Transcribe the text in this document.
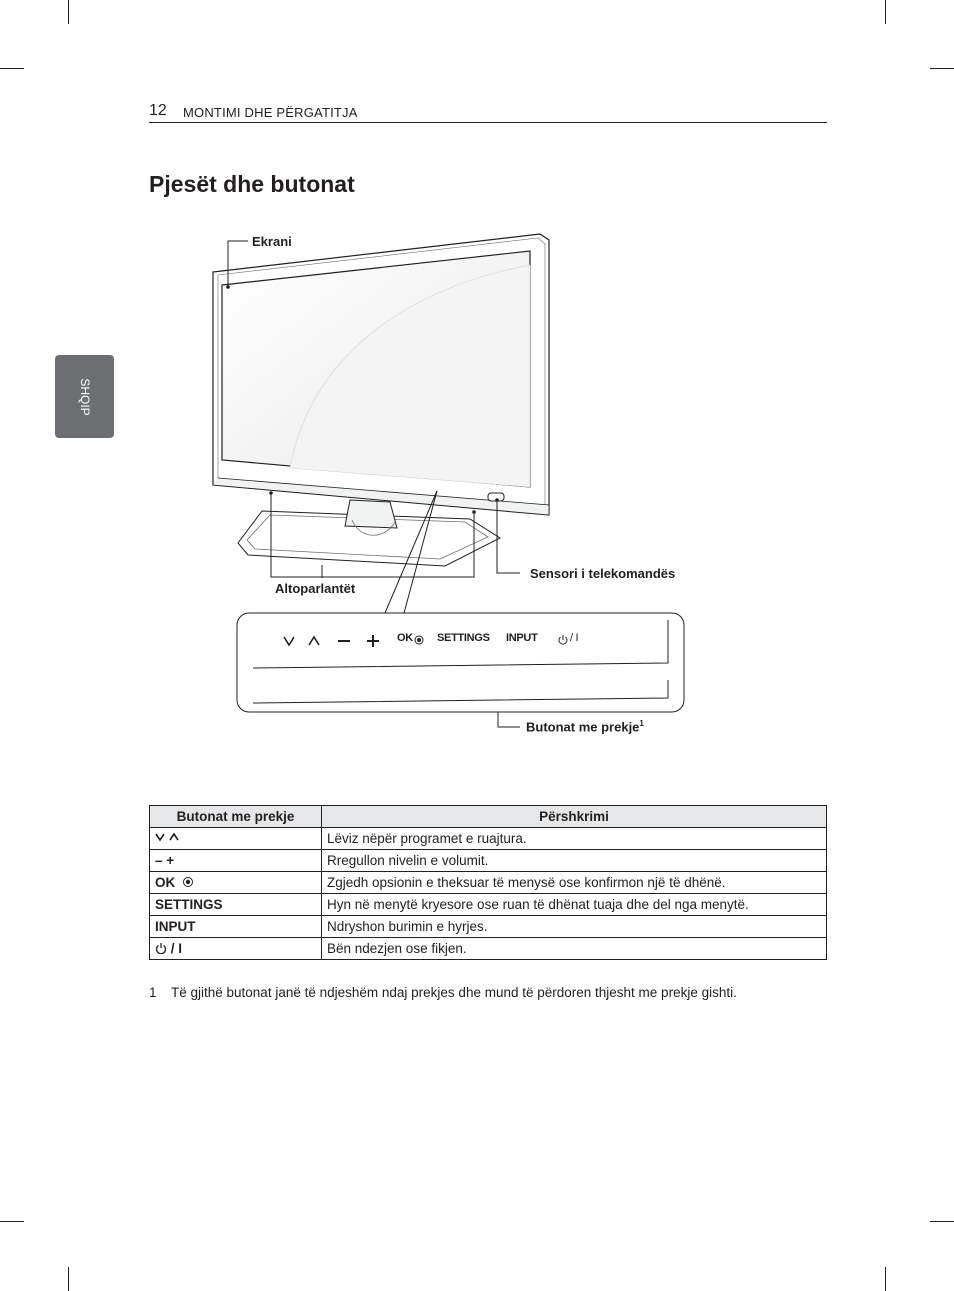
12 MONTIMI DHE PËRGATITJA
SHQIP
Pjesët dhe butonat
OK SETTINGS INPUT	/ I
Ekrani
Altoparlantët
Sensori i telekomandës
Butonat me prekje$^1$
Butonat me prekje	Përshkrimi
	Lëviz nëpër programet e ruajtura.
– +	Rregullon nivelin e volumit.
OK	Zgjedh opsionin e theksuar të menysë ose konfirmon një të dhënë.
SETTINGS	Hyn në menytë kryesore ose ruan të dhënat tuaja dhe del nga menytë.
INPUT	Ndryshon burimin e hyrjes.
/ I	Bën ndezjen ose fikjen.
1 Të gjithë butonat janë të ndjeshëm ndaj prekjes dhe mund të përdoren thjesht me prekje gishti.
